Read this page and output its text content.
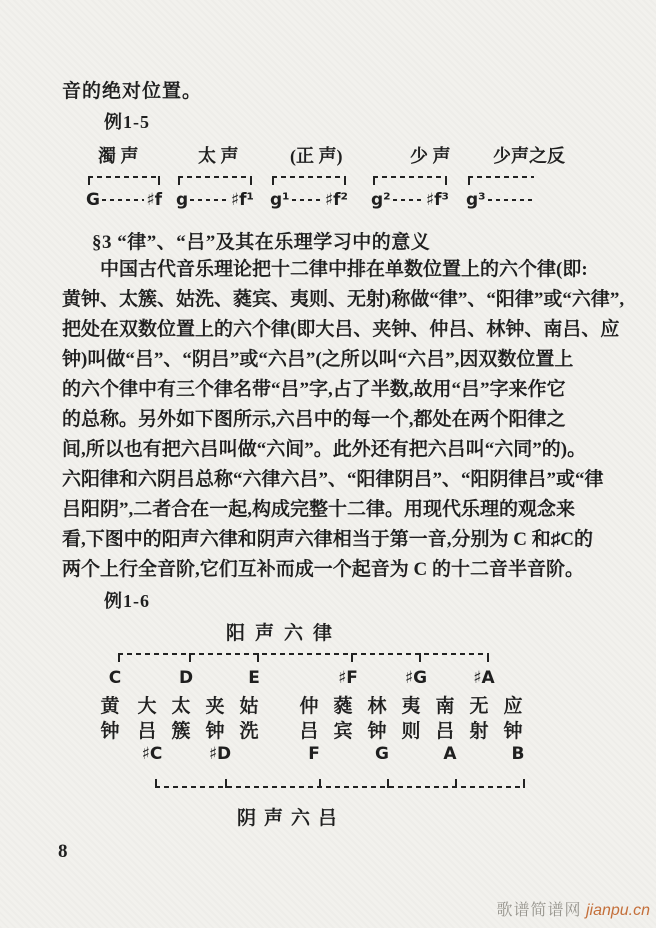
音的绝对位置。
例1-5
濁 声
G	♯f
太 声
g	♯f¹
(正 声)
g¹ ♯f²
少 声
g² ♯f³
少声之反
g³
§3 “律”、“吕”及其在乐理学习中的意义
中国古代音乐理论把十二律中排在单数位置上的六个律(即:
黄钟、太簇、姑洗、蕤宾、夷则、无射)称做“律”、“阳律”或“六律”,
把处在双数位置上的六个律(即大吕、夹钟、仲吕、林钟、南吕、应
钟)叫做“吕”、“阴吕”或“六吕”(之所以叫“六吕”,因双数位置上
的六个律中有三个律名带“吕”字,占了半数,故用“吕”字来作它
的总称。另外如下图所示,六吕中的每一个,都处在两个阳律之
间,所以也有把六吕叫做“六间”。此外还有把六吕叫“六同”的)。
六阳律和六阴吕总称“六律六吕”、“阳律阴吕”、“阳阴律吕”或“律
吕阳阴”,二者合在一起,构成完整十二律。用现代乐理的观念来
看,下图中的阳声六律和阴声六律相当于第一音,分别为 C 和♯C的
两个上行全音阶,它们互补而成一个起音为 C 的十二音半音阶。
例1-6
阳声六律
C
黄
钟
大
吕
♯C
D
太
簇
夹
钟
♯D
E
姑
洗
仲
吕
F
♯F
蕤
宾
林
钟
G
♯G
夷
则
南
吕
A
♯A
无
射
应
钟
B
阴声六吕
8
歌谱简谱网 jianpu.cn
